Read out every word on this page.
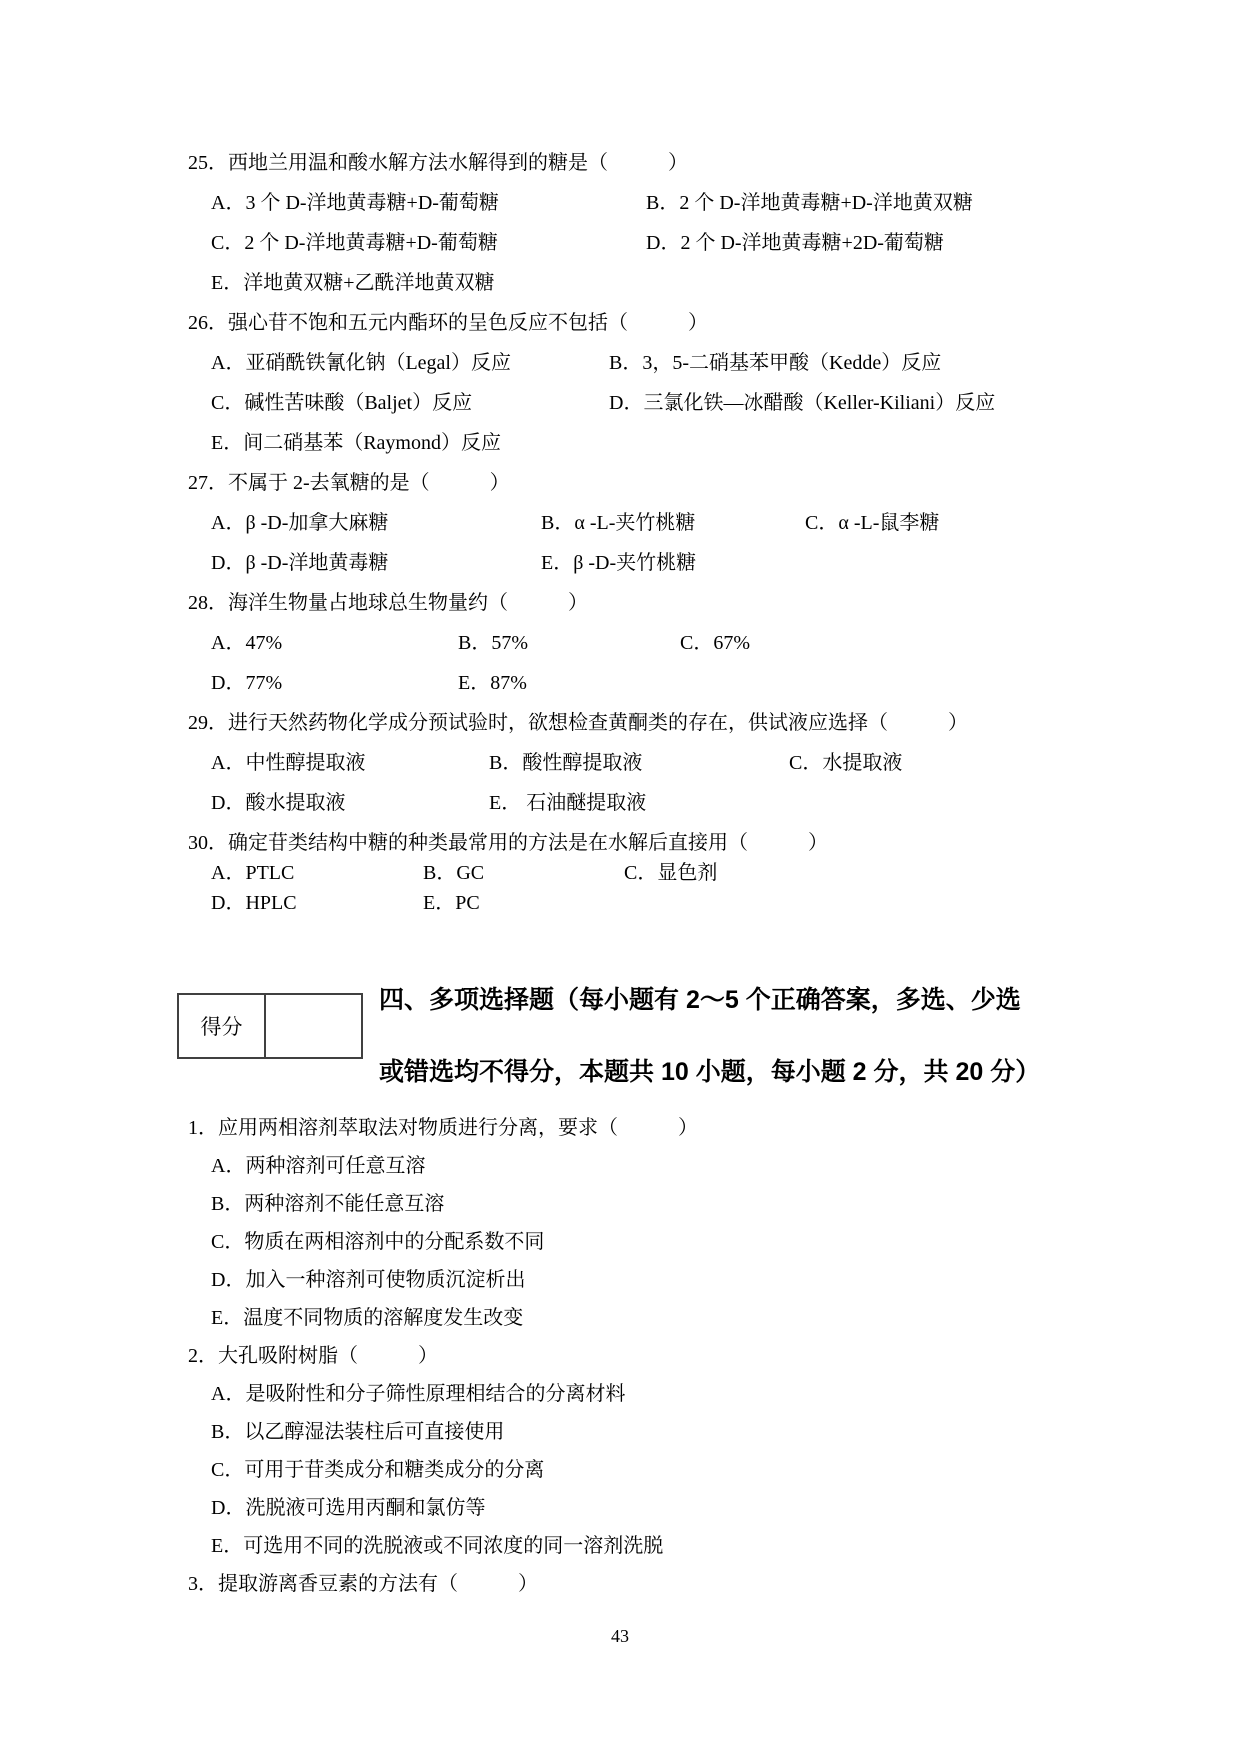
25．西地兰用温和酸水解方法水解得到的糖是（　　　）
A．3 个 D-洋地黄毒糖+D-葡萄糖	B．2 个 D-洋地黄毒糖+D-洋地黄双糖
C．2 个 D-洋地黄毒糖+D-葡萄糖	D．2 个 D-洋地黄毒糖+2D-葡萄糖
E．洋地黄双糖+乙酰洋地黄双糖
26．强心苷不饱和五元内酯环的呈色反应不包括（　　　）
A．亚硝酰铁氰化钠（Legal）反应	B．3，5-二硝基苯甲酸（Kedde）反应
C．碱性苦味酸（Baljet）反应	D．三氯化铁—冰醋酸（Keller-Kiliani）反应
E．间二硝基苯（Raymond）反应
27．不属于 2-去氧糖的是（　　　）
A．β -D-加拿大麻糖	B．α -L-夹竹桃糖	C．α -L-鼠李糖
D．β -D-洋地黄毒糖	E．β -D-夹竹桃糖
28．海洋生物量占地球总生物量约（　　　）
A．47%	B．57%	C．67%
D．77%	E．87%
29．进行天然药物化学成分预试验时，欲想检查黄酮类的存在，供试液应选择（　　　）
A．中性醇提取液	B．酸性醇提取液	C．水提取液
D．酸水提取液	E． 石油醚提取液
30．确定苷类结构中糖的种类最常用的方法是在水解后直接用（　　　）
A．PTLC	B．GC	C．显色剂
D．HPLC	E．PC
得分
四、多项选择题（每小题有 2～5 个正确答案，多选、少选
或错选均不得分，本题共 10 小题，每小题 2 分，共 20 分）
1．应用两相溶剂萃取法对物质进行分离，要求（　　　）
A．两种溶剂可任意互溶
B．两种溶剂不能任意互溶
C．物质在两相溶剂中的分配系数不同
D．加入一种溶剂可使物质沉淀析出
E．温度不同物质的溶解度发生改变
2．大孔吸附树脂（　　　）
A．是吸附性和分子筛性原理相结合的分离材料
B．以乙醇湿法装柱后可直接使用
C．可用于苷类成分和糖类成分的分离
D．洗脱液可选用丙酮和氯仿等
E．可选用不同的洗脱液或不同浓度的同一溶剂洗脱
3．提取游离香豆素的方法有（　　　）
43
